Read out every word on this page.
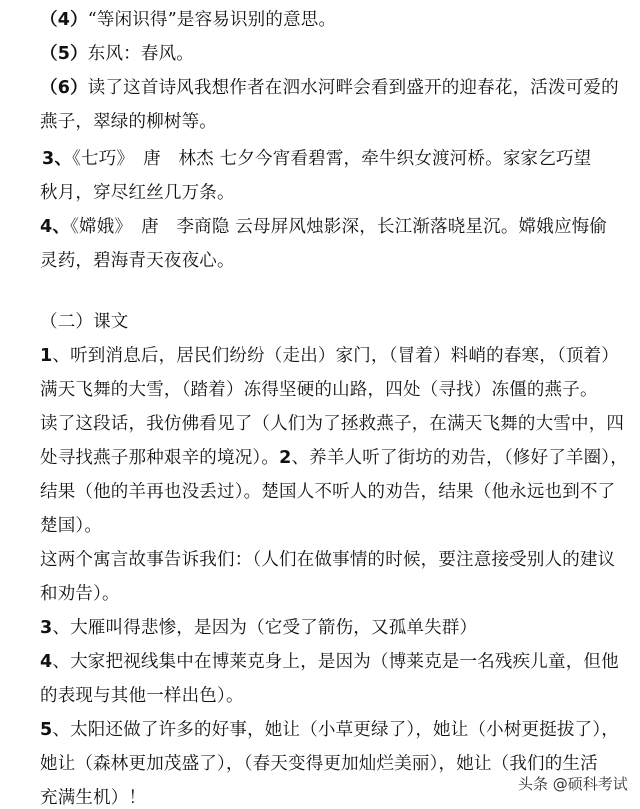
（4）“等闲识得”是容易识别的意思。
（5）东风：春风。
（6）读了这首诗风我想作者在泗水河畔会看到盛开的迎春花，活泼可爱的
燕子，翠绿的柳树等。
3、《七巧》　唐　林杰 七夕今宵看碧霄，牵牛织女渡河桥。家家乞巧望
秋月，穿尽红丝几万条。
4、《嫦娥》　唐　李商隐 云母屏风烛影深，长江渐落晓星沉。嫦娥应悔偷
灵药，碧海青天夜夜心。
（二）课文
1、听到消息后，居民们纷纷（走出）家门，（冒着）料峭的春寒，（顶着）
满天飞舞的大雪，（踏着）冻得坚硬的山路，四处（寻找）冻僵的燕子。
读了这段话，我仿佛看见了（人们为了拯救燕子，在满天飞舞的大雪中，四
处寻找燕子那种艰辛的境况）。2、养羊人听了街坊的劝告，（修好了羊圈），
结果（他的羊再也没丢过）。楚国人不听人的劝告，结果（他永远也到不了
楚国）。
这两个寓言故事告诉我们：（人们在做事情的时候，要注意接受别人的建议
和劝告）。
3、大雁叫得悲惨，是因为（它受了箭伤，又孤单失群）
4、大家把视线集中在博莱克身上，是因为（博莱克是一名残疾儿童，但他
的表现与其他一样出色）。
5、太阳还做了许多的好事，她让（小草更绿了），她让（小树更挺拔了），
她让（森林更加茂盛了），（春天变得更加灿烂美丽），她让（我们的生活
充满生机）！
头条 @硕科考试
